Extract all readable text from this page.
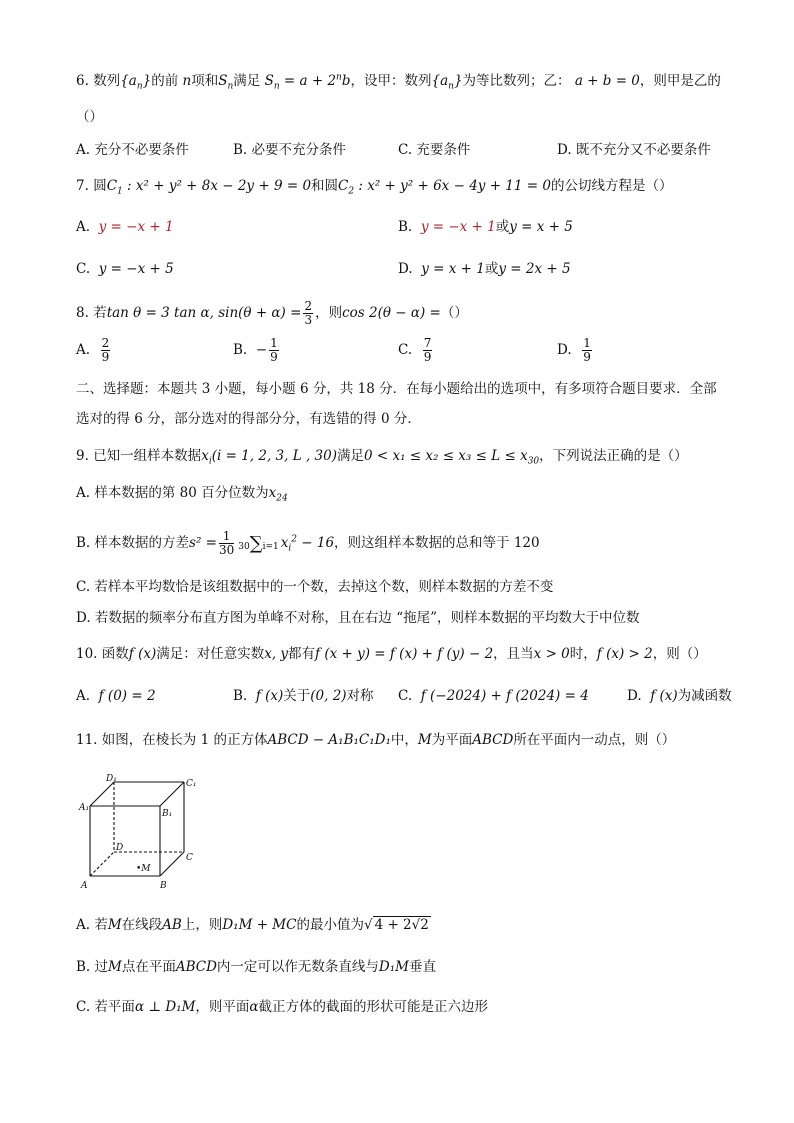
6. 数列$\{a_n\}$的前 n项和$S_n$满足 $S_n = a + 2^nb$，设甲：数列$\{a_n\}$为等比数列；乙： a + b = 0，则甲是乙的
（）
A. 充分不必要条件	B. 必要不充分条件	C. 充要条件	D. 既不充分又不必要条件
7. 圆$C_1$ : x² + y² + 8x − 2y + 9 = 0和圆$C_2$ : x² + y² + 6x − 4y + 11 = 0的公切线方程是（）
A. y = −x + 1	B. y = −x + 1或y = x + 5
C. y = −x + 5	D. y = x + 1或y = 2x + 5
8. 若tan θ = 3 tan α, $\sin(\theta + \alpha) = \frac{2}{3}$ ，则cos 2(θ − α) =（）
A. $\frac{2}{9}$	B. − $\frac{1}{9}$	C. $\frac{7}{9}$	D. $\frac{1}{9}$
二、选择题：本题共 3 小题，每小题 6 分，共 18 分．在每小题给出的选项中，有多项符合题目要求．全部
选对的得 6 分，部分选对的得部分分，有选错的得 0 分．
9. 已知一组样本数据$x_i(i = 1$, 2, 3, L , 30)满足$0 < x_1 \le x_2 \le x_3 \le L \le x_{30}$，下列说法正确的是（）
A. 样本数据的第 80 百分位数为$x_{24}$
B. 样本数据的方差$s^2 = \frac{1}{30} 30\sum i=1$ $x_i^2 - 16$，则这组样本数据的总和等于 120
C. 若样本平均数恰是该组数据中的一个数，去掉这个数，则样本数据的方差不变
D. 若数据的频率分布直方图为单峰不对称，且在右边 “拖尾”，则样本数据的平均数大于中位数
10. 函数f (x)满足：对任意实数x, y都有f (x + y) = f (x) + f (y) − 2，且当x > 0时，f (x) > 2，则（）
A. f (0) = 2	B. f (x)关于(0, 2)对称 C. f (−2024) + f (2024) = 4	D. f (x)为减函数
11. 如图，在棱长为 1 的正方体ABCD − A₁B₁C₁D₁中，M为平面ABCD所在平面内一动点，则（）
D₁	C₁
A₁
B₁
D
C
A	B
•M
A. 若M在线段AB上，则D₁M + MC的最小值为√ 4 + 2√2
B. 过M点在平面ABCD内一定可以作无数条直线与D₁M垂直
C. 若平面α ⊥ D₁M，则平面α截正方体的截面的形状可能是正六边形
